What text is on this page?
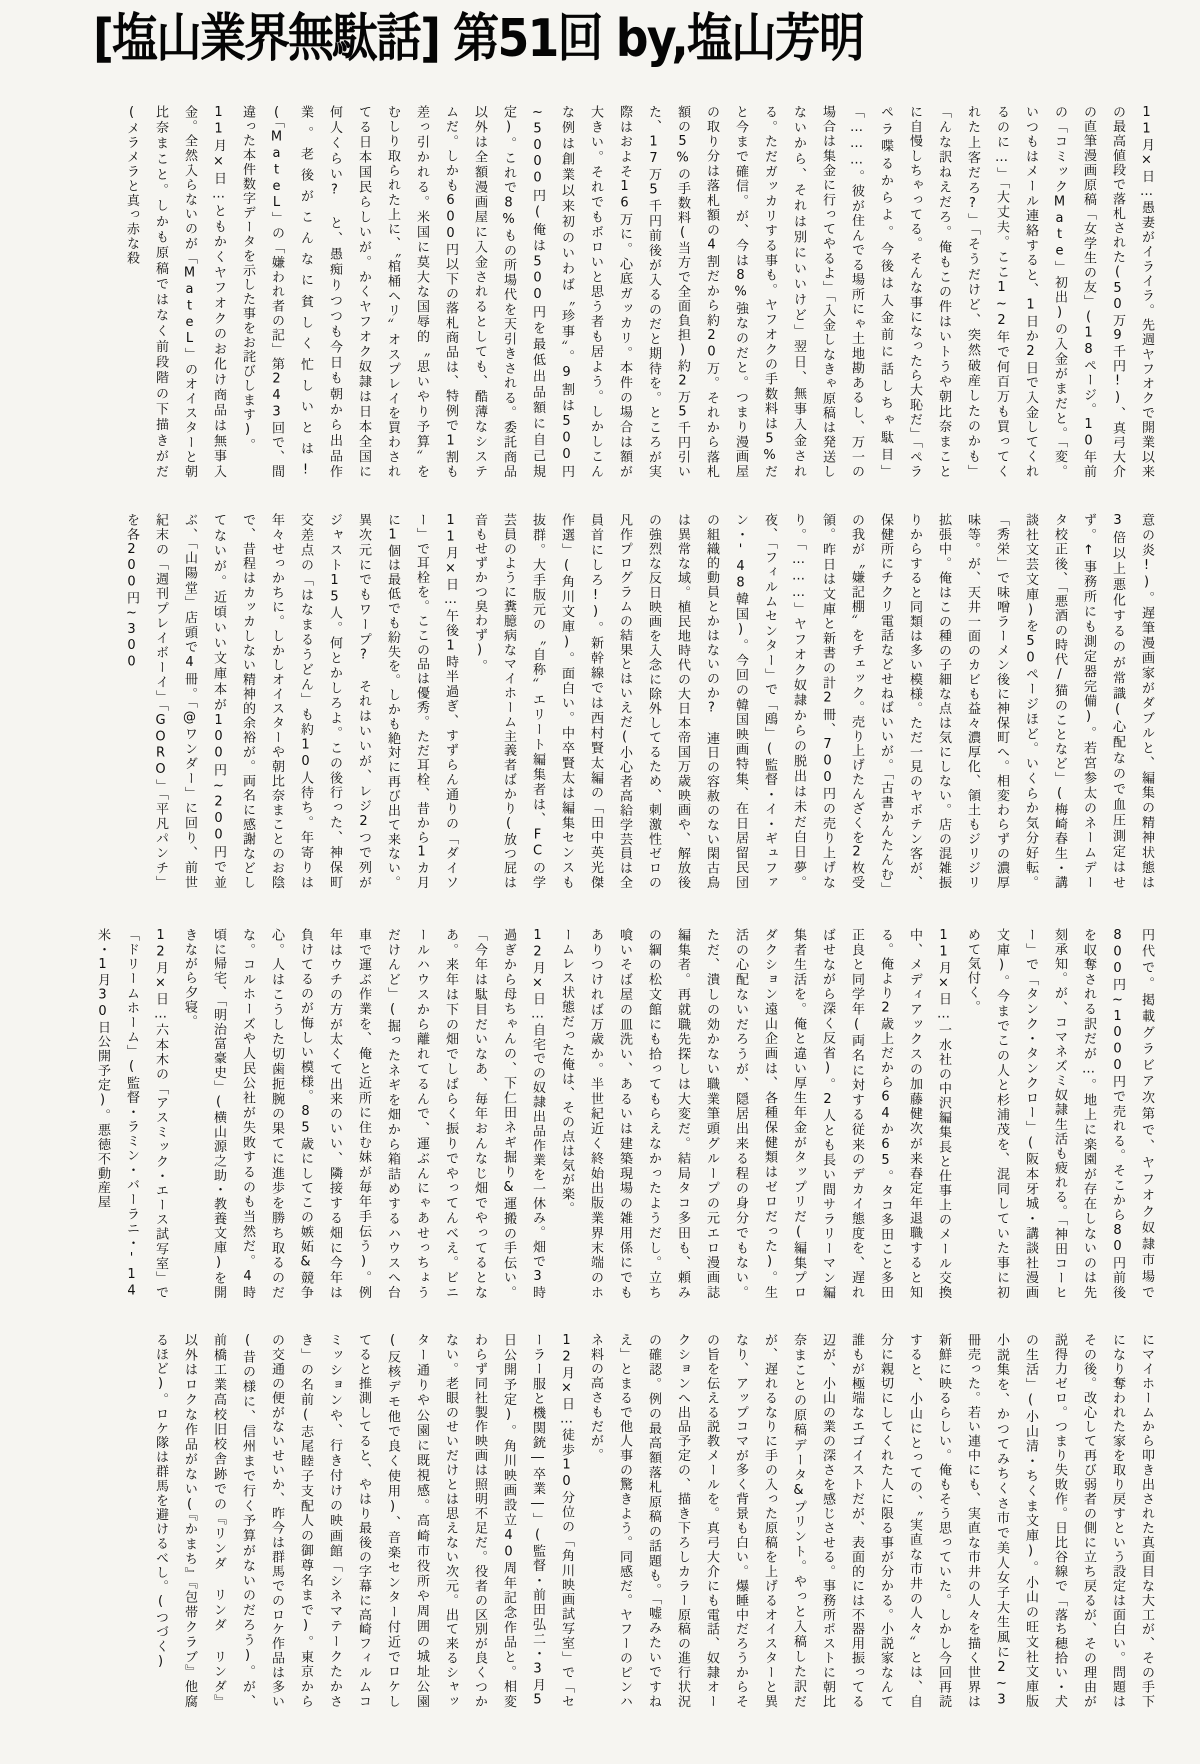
[塩山業界無駄話] 第51回 by,塩山芳明

11月×日…愚妻がイライラ。先週ヤフオクで開業以来の最高値段で落札された(50万9千円!)、真弓大介の直筆漫画原稿「女学生の友」(18ページ。10年前の「コミックMate」初出)の入金がまだと。「変。いつもはメール連絡すると、1日か2日で入金してくれるのに…」「大丈夫。ここ1~2年で何百万も買ってくれた上客だろ?」「そうだけど、突然破産したのかも」「んな訳ねえだろ。俺もこの件はいトうや朝比奈まことに自慢しちゃってる。そんな事になったら大恥だ」「ペラペラ喋るからよ。今後は入金前に話しちゃ駄目」「………。彼が住んでる場所にゃ土地勘あるし、万一の場合は集金に行ってやるよ」「入金しなきゃ原稿は発送しないから、それは別にいいけど」翌日、無事入金される。ただガッカリする事も。ヤフオクの手数料は5%だと今まで確信。が、今は8%強なのだと。つまり漫画屋の取り分は落札額の4割だから約20万。それから落札額の5%の手数料(当方で全面負担)約2万5千円引いた、17万5千円前後が入るのだと期待を。ところが実際はおよそ16万に。心底ガッカリ。本件の場合は額が大きい。それでもボロいと思う者も居よう。しかしこんな例は創業以来初のいわば〝珍事〟。9割は500円~5000円(俺は500円を最低出品額に自己規定)。これで8%もの所場代を天引きされる。委託商品以外は全額漫画屋に入金されるとしても、酷薄なシステムだ。しかも600円以下の落札商品は、特例で1割も差っ引かれる。米国に莫大な国辱的〝思いやり予算〟をむしり取られた上に、〝棺桶ヘリ〟オスプレイを買わされてる日本国民らしいが。かくヤフオク奴隷は日本全国に何人くらい?　と、愚痴りつつも今日も朝から出品作業。老後がこんなに貧しく忙しいとは!(「MateL」の「嫌われ者の記」第243回で、間違った本件数字データを示した事をお詫びします)。

11月×日…ともかくヤフオクのお化け商品は無事入金。全然入らないのが「MateL」のオイスターと朝比奈まこと。しかも原稿ではなく前段階の下描きがだ(メラメラと真っ赤な殺

意の炎!)。遅筆漫画家がダブルと、編集の精神状態は3倍以上悪化するのが常識(心配なので血圧測定はせず。↑事務所にも測定器完備)。若宮参太のネームデータ校正後、「悪酒の時代/猫のことなど」(梅崎春生・講談社文芸文庫)を50ページほど。いくらか気分好転。「秀栄」で味噌ラーメン後に神保町へ。相変わらずの濃厚味等。が、天井一面のカビも益々濃厚化、領土もジリジリ拡張中。俺はこの種の子細な点は気にしない。店の混雑振りからすると同類は多い模様。ただ一見のヤボテン客が、保健所にチクリ電話などせねばいいが。「古書かんたんむ」の我が〝嫌記棚〟をチェック。売り上げたんざくを2枚受領。昨日は文庫と新書の計2冊、700円の売り上げなり。「………」ヤフオク奴隷からの脱出は未だ白日夢。夜、「フィルムセンター」で「鴎」(監督・イ・ギュファン・'48韓国)。今回の韓国映画特集、在日居留民団の組織的動員とかはないのか?　連日の容赦のない閑古鳥は異常な域。植民地時代の大日本帝国万歳映画や、解放後の強烈な反日映画を入念に除外してるため、刺激性ゼロの凡作プログラムの結果とはいえだ(小心者高給学芸員は全員首にしろ!)。新幹線では西村賢太編の「田中英光傑作選」(角川文庫)。面白い。中卒賢太は編集センスも抜群。大手版元の〝自称〟エリート編集者は、FCの学芸員のように糞臆病なマイホーム主義者ばかり(放つ屁は音もせずかつ臭わず)。

11月×日…午後1時半過ぎ、すずらん通りの「ダイソー」で耳栓を。ここの品は優秀。ただ耳栓、昔から1カ月に1個は最低でも紛失を。しかも絶対に再び出て来ない。異次元にでもワープ?　それはいいが、レジ2つで列がジャスト15人。何とかしろよ。この後行った、神保町交差点の「はなまるうどん」も約10人待ち。年寄りは年々せっかちに。しかしオイスターや朝比奈まことのお陰で、昔程はカッカしない精神的余裕が。両名に感謝などしてないが。近頃いい文庫本が100円~200円で並ぶ、「山陽堂」店頭で4冊。「@ワンダー」に回り、前世紀末の「週刊プレイボーイ」「GORO」「平凡パンチ」を各200円~300

円代で。掲載グラビア次第で、ヤフオク奴隷市場で800円~1000円で売れる。そこから80円前後を収奪される訳だが…。地上に楽園が存在しないのは先刻承知。が、コマネズミ奴隷生活も疲れる。「神田コーヒー」で「タンク・タンクロー」(阪本牙城・講談社漫画文庫)。今までこの人と杉浦茂を、混同していた事に初めて気付く。

11月×日…一水社の中沢編集長と仕事上のメール交換中、メディアックスの加藤健次が来春定年退職すると知る。俺より2歳上だから64か65。タコ多田こと多田正良と同学年(両名に対する従来のデカイ態度を、遅ればせながら深く反省)。2人とも長い間サラリーマン編集者生活を。俺と違い厚生年金がタップリだ(編集プロダクション遠山企画は、各種保健類はゼロだった)。生活の心配ないだろうが、隠居出来る程の身分でもない。ただ、潰しの効かない職業筆頭グループの元エロ漫画誌編集者。再就職先探しは大変だ。結局タコ多田も、頼みの綱の松文館にも拾ってもらえなかったようだし。立ち喰いそば屋の皿洗い、あるいは建築現場の雑用係にでもありつければ万歳か。半世紀近く終始出版業界末端のホームレス状態だった俺は、その点は気が楽。

12月×日…自宅での奴隷出品作業を一休み。畑で3時過ぎから母ちゃんの、下仁田ネギ掘り&運搬の手伝い。「今年は駄目だいなあ、毎年おんなじ畑でやってるとなあ。来年は下の畑でしばらく振りでやってんべえ。ビニールハウスから離れてるんで、運ぶんにゃあせっちょうだけんど」(掘ったネギを畑から箱詰めするハウスへ台車で運ぶ作業を、俺と近所に住む妹が毎年手伝う)。例年はウチの方が太くて出来のいい、隣接する畑に今年は負けてるのが悔しい模様。85歳にしてこの嫉妬&競争心。人はこうした切歯扼腕の果てに進歩を勝ち取るのだな。コルホーズや人民公社が失敗するのも当然だ。4時頃に帰宅、「明治富豪史」(横山源之助・教養文庫)を開きながら夕寝。

12月×日…六本木の「アスミック・エース試写室」で「ドリームホーム」(監督・ラミン・バーラニ・'14米・1月30日公開予定)。悪徳不動産屋

にマイホームから叩き出された真面目な大工が、その手下になり奪われた家を取り戻すという設定は面白い。問題はその後。改心して再び弱者の側に立ち戻るが、その理由が説得力ゼロ。つまり失敗作。日比谷線で「落ち穂拾い・犬の生活」(小山清・ちくま文庫)。小山の旺文社文庫版小説集を、かつてみちくさ市で美人女子大生風に2~3冊売った。若い連中にも、実直な市井の人々を描く世界は新鮮に映るらしい。俺もそう思っていた。しかし今回再読すると、小山にとっての、〝実直な市井の人々〟とは、自分に親切にしてくれた人に限る事が分かる。小説家なんて誰もが極端なエゴイストだが、表面的には不器用振ってる辺が、小山の業の深さを感じさせる。事務所ポストに朝比奈まことの原稿データ&プリント。やっと入稿した訳だが、遅れるなりに手の入った原稿を上げるオイスターと異なり、アップコマが多く背景も白い。爆睡中だろうからその旨を伝える説教メールを。真弓大介にも電話、奴隷オークションへ出品予定の、描き下ろしカラー原稿の進行状況の確認。例の最高額落札原稿の話題も。「嘘みたいですねえ」とまるで他人事の驚きよう。同感だ。ヤフーのピンハネ料の高さもだが。

12月×日…徒歩10分位の「角川映画試写室」で「セーラー服と機関銃―卒業―」(監督・前田弘二・3月5日公開予定)。角川映画設立40周年記念作品と。相変わらず同社製作映画は照明不足だ。役者の区別が良くつかない。老眼のせいだけとは思えない次元。出て来るシャッター通りや公園に既視感。高崎市役所や周囲の城址公園(反核デモ他で良く使用)、音楽センター付近でロケしてると推測してると、やはり最後の字幕に高崎フィルムコミッションや、行き付けの映画館「シネマテークたかさき」の名前(志尾睦子支配人の御尊名まで)。東京からの交通の便がないせいか、昨今は群馬でのロケ作品は多い(昔の様に、信州まで行く予算がないのだろう)。が、前橋工業高校旧校舎跡での『リンダ リンダ リンダ』以外はロクな作品がない(『かまち』『包帯クラブ』他腐るほど)。ロケ隊は群馬を避けるべし。(つづく)
